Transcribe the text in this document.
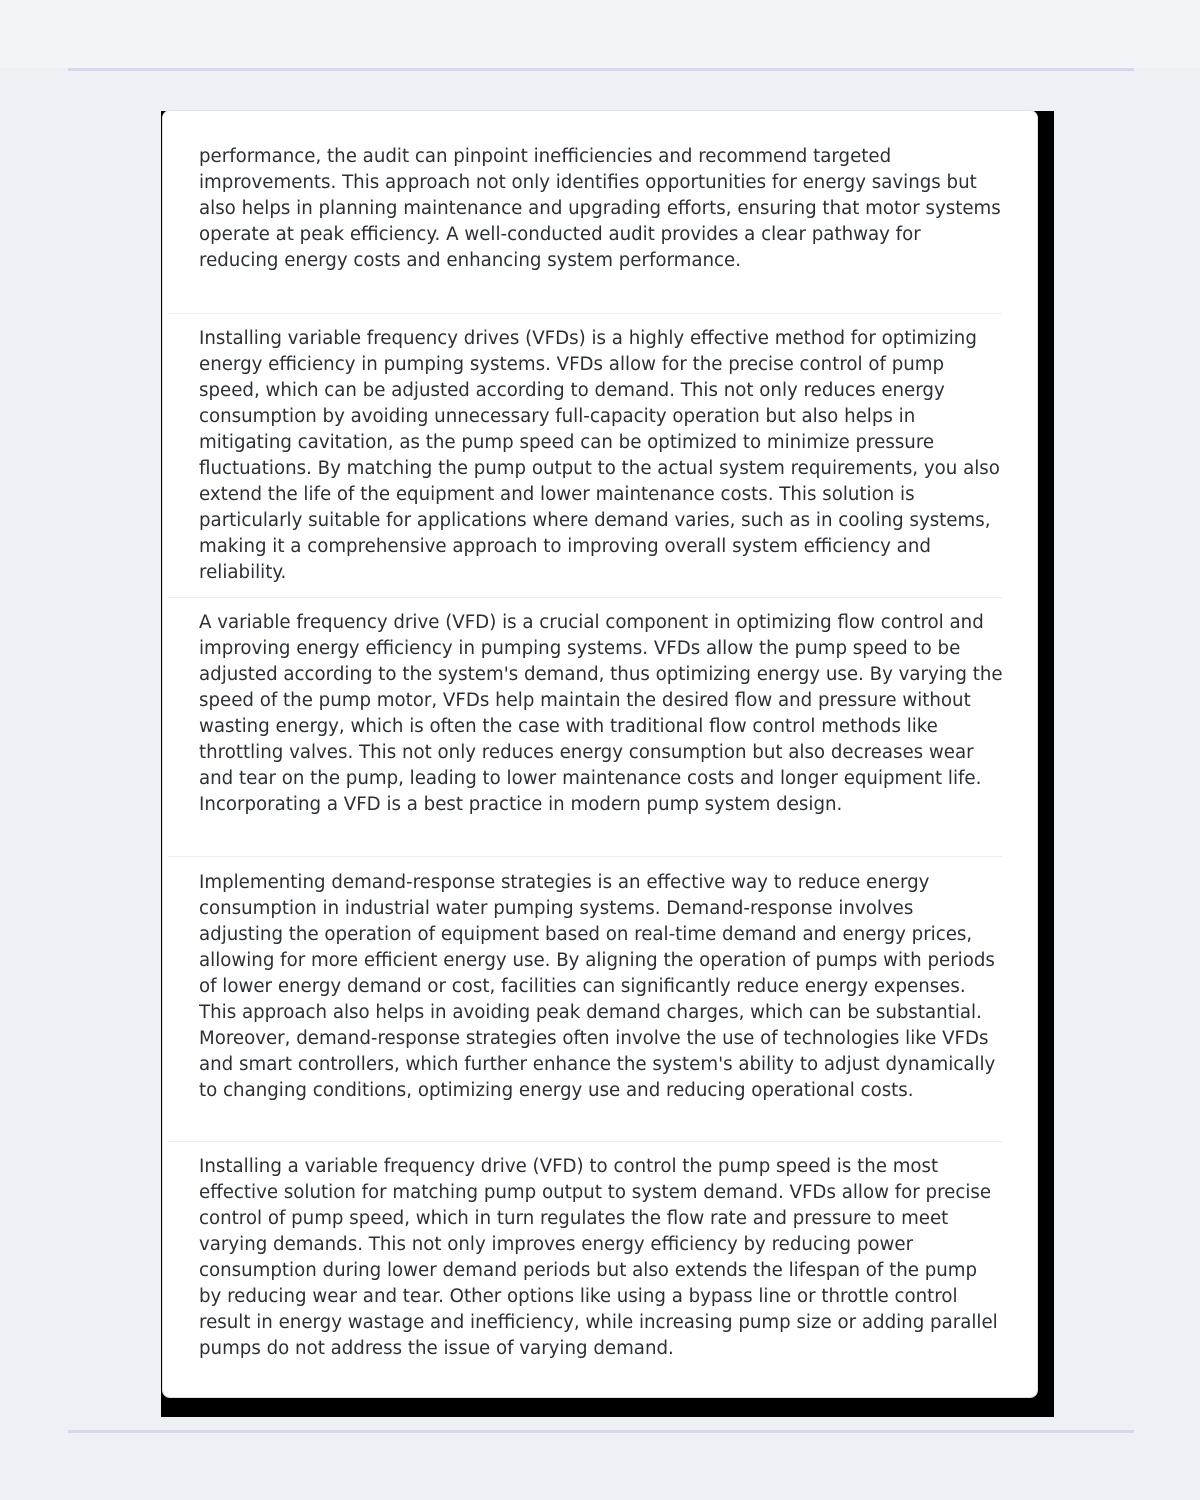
performance, the audit can pinpoint inefficiencies and recommend targeted improvements. This approach not only identifies opportunities for energy savings but also helps in planning maintenance and upgrading efforts, ensuring that motor systems operate at peak efficiency. A well-conducted audit provides a clear pathway for reducing energy costs and enhancing system performance.

Installing variable frequency drives (VFDs) is a highly effective method for optimizing energy efficiency in pumping systems. VFDs allow for the precise control of pump speed, which can be adjusted according to demand. This not only reduces energy consumption by avoiding unnecessary full-capacity operation but also helps in mitigating cavitation, as the pump speed can be optimized to minimize pressure fluctuations. By matching the pump output to the actual system requirements, you also extend the life of the equipment and lower maintenance costs. This solution is particularly suitable for applications where demand varies, such as in cooling systems, making it a comprehensive approach to improving overall system efficiency and reliability.

A variable frequency drive (VFD) is a crucial component in optimizing flow control and improving energy efficiency in pumping systems. VFDs allow the pump speed to be adjusted according to the system's demand, thus optimizing energy use. By varying the speed of the pump motor, VFDs help maintain the desired flow and pressure without wasting energy, which is often the case with traditional flow control methods like throttling valves. This not only reduces energy consumption but also decreases wear and tear on the pump, leading to lower maintenance costs and longer equipment life. Incorporating a VFD is a best practice in modern pump system design.

Implementing demand-response strategies is an effective way to reduce energy consumption in industrial water pumping systems. Demand-response involves adjusting the operation of equipment based on real-time demand and energy prices, allowing for more efficient energy use. By aligning the operation of pumps with periods of lower energy demand or cost, facilities can significantly reduce energy expenses. This approach also helps in avoiding peak demand charges, which can be substantial. Moreover, demand-response strategies often involve the use of technologies like VFDs and smart controllers, which further enhance the system's ability to adjust dynamically to changing conditions, optimizing energy use and reducing operational costs.

Installing a variable frequency drive (VFD) to control the pump speed is the most effective solution for matching pump output to system demand. VFDs allow for precise control of pump speed, which in turn regulates the flow rate and pressure to meet varying demands. This not only improves energy efficiency by reducing power consumption during lower demand periods but also extends the lifespan of the pump by reducing wear and tear. Other options like using a bypass line or throttle control result in energy wastage and inefficiency, while increasing pump size or adding parallel pumps do not address the issue of varying demand.
